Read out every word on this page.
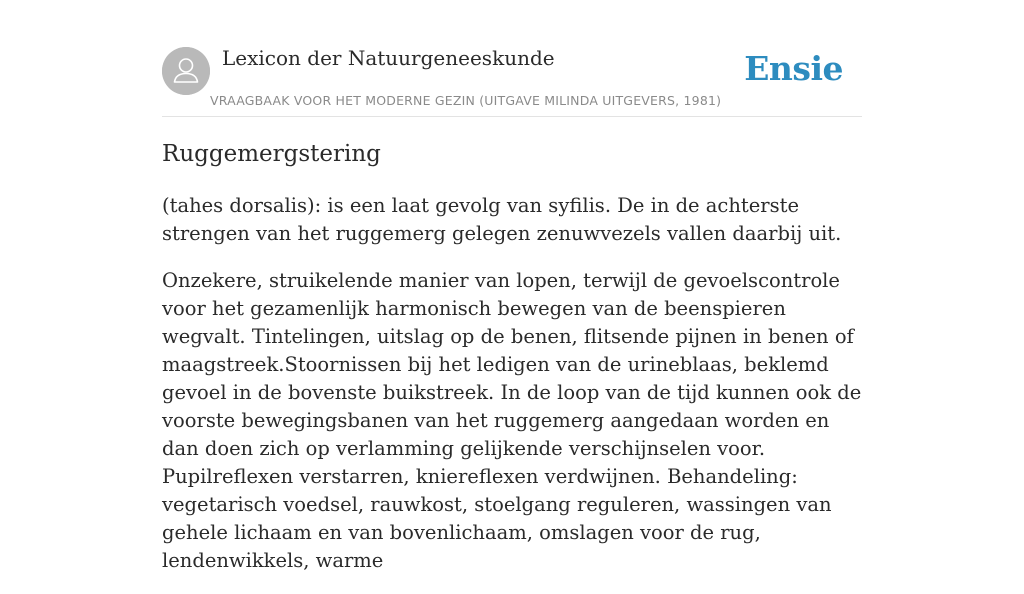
Lexicon der Natuurgeneeskunde
VRAAGBAAK VOOR HET MODERNE GEZIN (UITGAVE MILINDA UITGEVERS, 1981)
Ensie
Ruggemergstering

(tahes dorsalis): is een laat gevolg van syfilis. De in de achterste strengen van het ruggemerg gelegen zenuwvezels vallen daarbij uit.

Onzekere, struikelende manier van lopen, terwijl de gevoelscontrole voor het gezamenlijk harmonisch bewegen van de beenspieren wegvalt. Tintelingen, uitslag op de benen, flitsende pijnen in benen of maagstreek.Stoornissen bij het ledigen van de urineblaas, beklemd gevoel in de bovenste buikstreek. In de loop van de tijd kunnen ook de voorste bewegingsbanen van het ruggemerg aangedaan worden en dan doen zich op verlamming gelijkende verschijnselen voor. Pupilreflexen verstarren, kniereflexen verdwijnen. Behandeling: vegetarisch voedsel, rauwkost, stoelgang reguleren, wassingen van gehele lichaam en van bovenlichaam, omslagen voor de rug, lendenwikkels, warme
